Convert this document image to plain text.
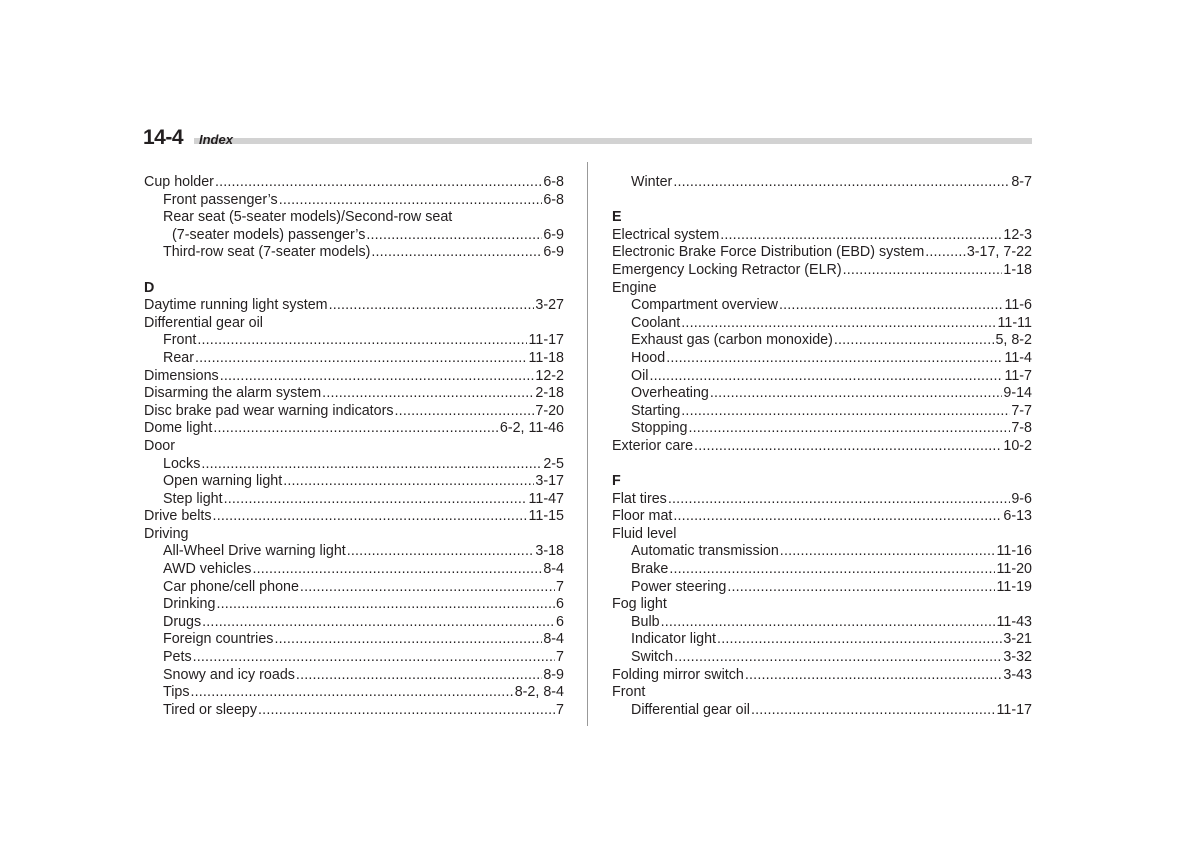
14-4 Index
Cup holder . . .	6-8
Front passenger’s . . .	6-8
Rear seat (5-seater models)/Second-row seat
(7-seater models) passenger’s . . .	6-9
Third-row seat (7-seater models) . . .	6-9
D
Daytime running light system . . .	3-27
Differential gear oil
Front . . .	11-17
Rear . . .	11-18
Dimensions . . .	12-2
Disarming the alarm system . . .	2-18
Disc brake pad wear warning indicators . . .	7-20
Dome light . . .	6-2, 11-46
Door
Locks . . .	2-5
Open warning light . . .	3-17
Step light . . .	11-47
Drive belts . . .	11-15
Driving
All-Wheel Drive warning light . . .	3-18
AWD vehicles . . .	8-4
Car phone/cell phone . . .	7
Drinking . . .	6
Drugs . . .	6
Foreign countries . . .	8-4
Pets . . .	7
Snowy and icy roads . . .	8-9
Tips . . .	8-2, 8-4
Tired or sleepy . . .	7
Winter . . .	8-7
E
Electrical system . . .	12-3
Electronic Brake Force Distribution (EBD) system . . .	3-17, 7-22
Emergency Locking Retractor (ELR) . . .	1-18
Engine
Compartment overview . . .	11-6
Coolant . . .	11-11
Exhaust gas (carbon monoxide) . . .	5, 8-2
Hood . . .	11-4
Oil . . .	11-7
Overheating . . .	9-14
Starting . . .	7-7
Stopping . . .	7-8
Exterior care . . .	10-2
F
Flat tires . . .	9-6
Floor mat . . .	6-13
Fluid level
Automatic transmission . . .	11-16
Brake . . .	11-20
Power steering . . .	11-19
Fog light
Bulb . . .	11-43
Indicator light . . .	3-21
Switch . . .	3-32
Folding mirror switch . . .	3-43
Front
Differential gear oil . . .	11-17
